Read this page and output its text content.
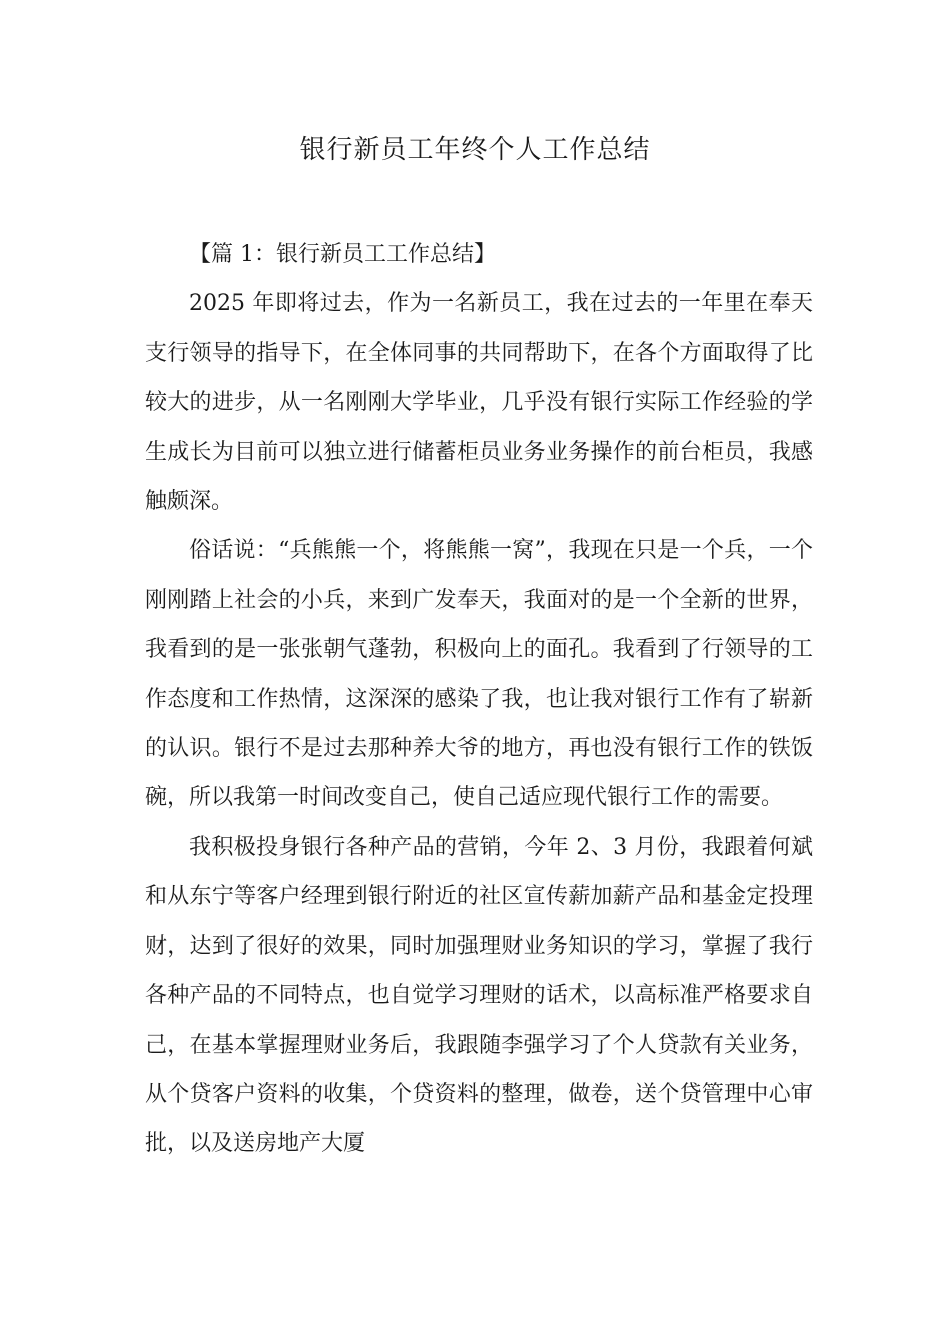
银行新员工年终个人工作总结

【篇 1：银行新员工工作总结】

2025 年即将过去，作为一名新员工，我在过去的一年里在奉天支行领导的指导下，在全体同事的共同帮助下，在各个方面取得了比较大的进步，从一名刚刚大学毕业，几乎没有银行实际工作经验的学生成长为目前可以独立进行储蓄柜员业务业务操作的前台柜员，我感触颇深。

俗话说：“兵熊熊一个，将熊熊一窝”，我现在只是一个兵，一个刚刚踏上社会的小兵，来到广发奉天，我面对的是一个全新的世界，我看到的是一张张朝气蓬勃，积极向上的面孔。我看到了行领导的工作态度和工作热情，这深深的感染了我，也让我对银行工作有了崭新的认识。银行不是过去那种养大爷的地方，再也没有银行工作的铁饭碗，所以我第一时间改变自己，使自己适应现代银行工作的需要。

我积极投身银行各种产品的营销，今年 2、3 月份，我跟着何斌和从东宁等客户经理到银行附近的社区宣传薪加薪产品和基金定投理财，达到了很好的效果，同时加强理财业务知识的学习，掌握了我行各种产品的不同特点，也自觉学习理财的话术，以高标准严格要求自己，在基本掌握理财业务后，我跟随李强学习了个人贷款有关业务，从个贷客户资料的收集，个贷资料的整理，做卷，送个贷管理中心审批，以及送房地产大厦
